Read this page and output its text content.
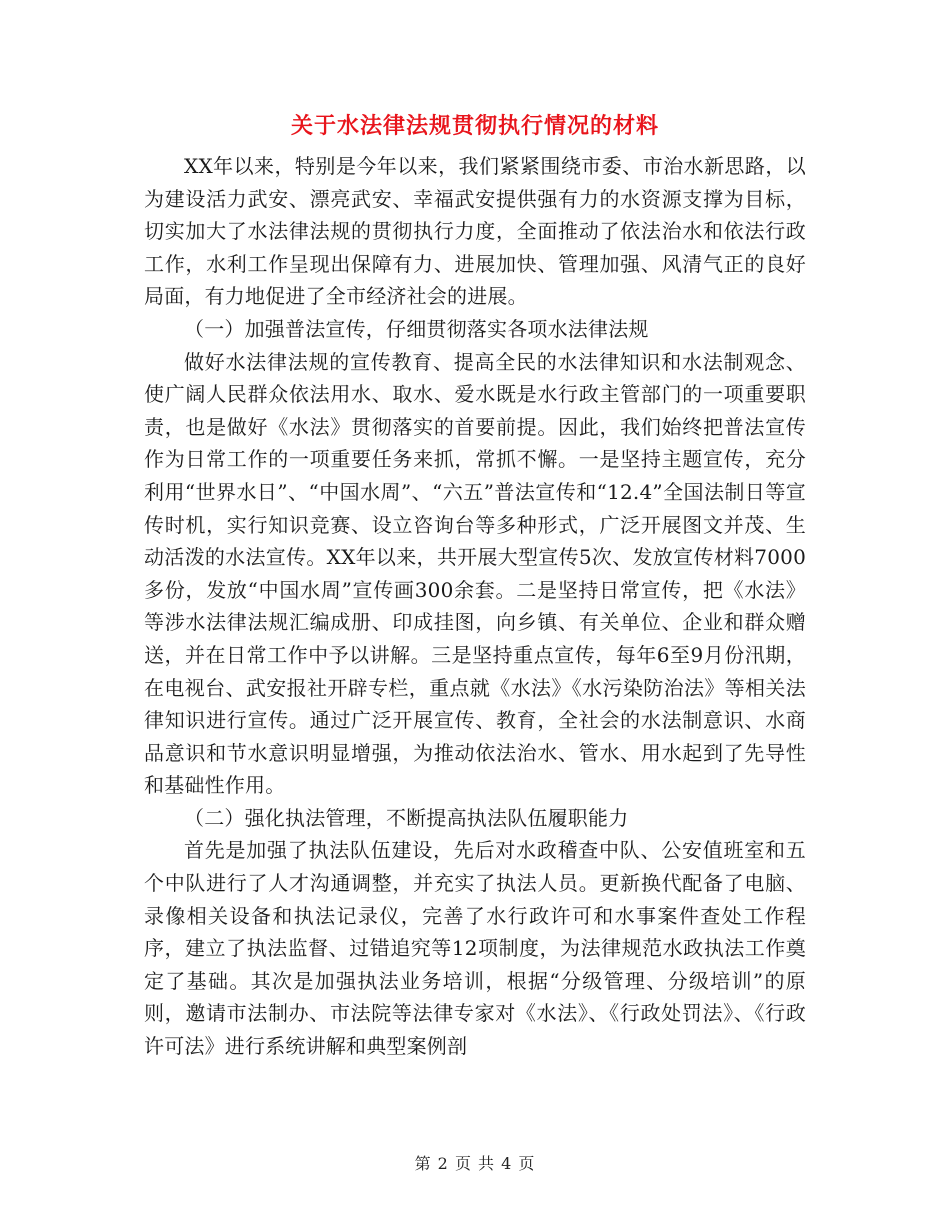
关于水法律法规贯彻执行情况的材料

XX年以来，特别是今年以来，我们紧紧围绕市委、市治水新思路，以为建设活力武安、漂亮武安、幸福武安提供强有力的水资源支撑为目标，切实加大了水法律法规的贯彻执行力度，全面推动了依法治水和依法行政工作，水利工作呈现出保障有力、进展加快、管理加强、风清气正的良好局面，有力地促进了全市经济社会的进展。

（一）加强普法宣传，仔细贯彻落实各项水法律法规

做好水法律法规的宣传教育、提高全民的水法律知识和水法制观念、使广阔人民群众依法用水、取水、爱水既是水行政主管部门的一项重要职责，也是做好《水法》贯彻落实的首要前提。因此，我们始终把普法宣传作为日常工作的一项重要任务来抓，常抓不懈。一是坚持主题宣传，充分利用“世界水日”、“中国水周”、“六五”普法宣传和“12.4”全国法制日等宣传时机，实行知识竞赛、设立咨询台等多种形式，广泛开展图文并茂、生动活泼的水法宣传。XX年以来，共开展大型宣传5次、发放宣传材料7000多份，发放“中国水周”宣传画300余套。二是坚持日常宣传，把《水法》等涉水法律法规汇编成册、印成挂图，向乡镇、有关单位、企业和群众赠送，并在日常工作中予以讲解。三是坚持重点宣传，每年6至9月份汛期，在电视台、武安报社开辟专栏，重点就《水法》《水污染防治法》等相关法律知识进行宣传。通过广泛开展宣传、教育，全社会的水法制意识、水商品意识和节水意识明显增强，为推动依法治水、管水、用水起到了先导性和基础性作用。

（二）强化执法管理，不断提高执法队伍履职能力

首先是加强了执法队伍建设，先后对水政稽查中队、公安值班室和五个中队进行了人才沟通调整，并充实了执法人员。更新换代配备了电脑、录像相关设备和执法记录仪，完善了水行政许可和水事案件查处工作程序，建立了执法监督、过错追究等12项制度，为法律规范水政执法工作奠定了基础。其次是加强执法业务培训，根据“分级管理、分级培训”的原则，邀请市法制办、市法院等法律专家对《水法》、《行政处罚法》、《行政许可法》进行系统讲解和典型案例剖

第 2 页 共 4 页
